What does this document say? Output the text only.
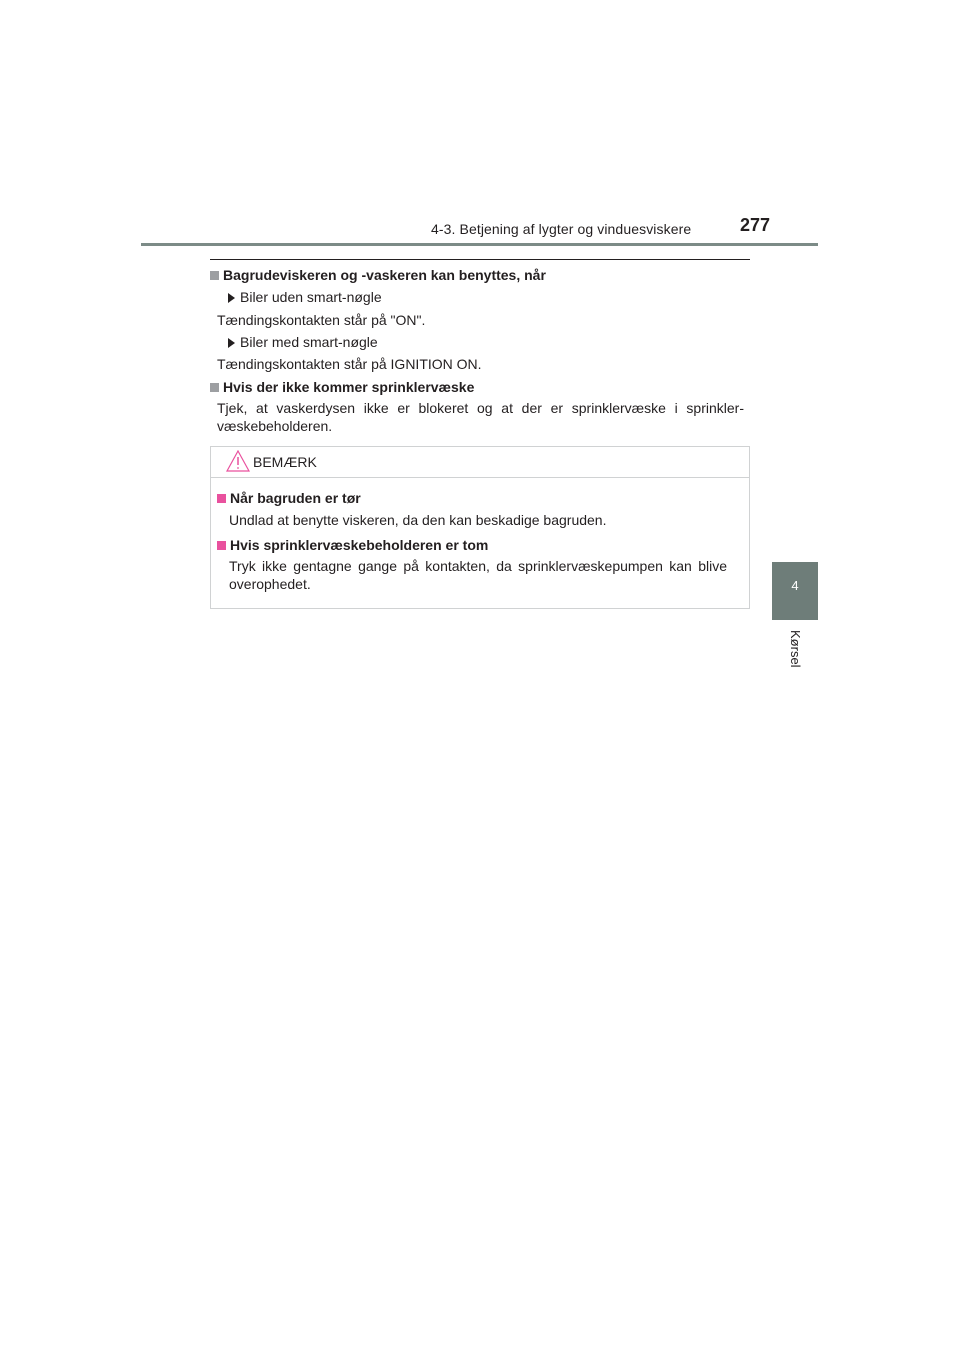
4-3. Betjening af lygter og vinduesviskere	277
4
Kørsel
Bagrudeviskeren og -vaskeren kan benyttes, når
Biler uden smart-nøgle
Tændingskontakten står på "ON".
Biler med smart-nøgle
Tændingskontakten står på IGNITION ON.
Hvis der ikke kommer sprinklervæske
Tjek, at vaskerdysen ikke er blokeret og at der er sprinklervæske i sprinkler-væskebeholderen.
BEMÆRK
Når bagruden er tør
Undlad at benytte viskeren, da den kan beskadige bagruden.
Hvis sprinklervæskebeholderen er tom
Tryk ikke gentagne gange på kontakten, da sprinklervæskepumpen kan blive overophedet.
